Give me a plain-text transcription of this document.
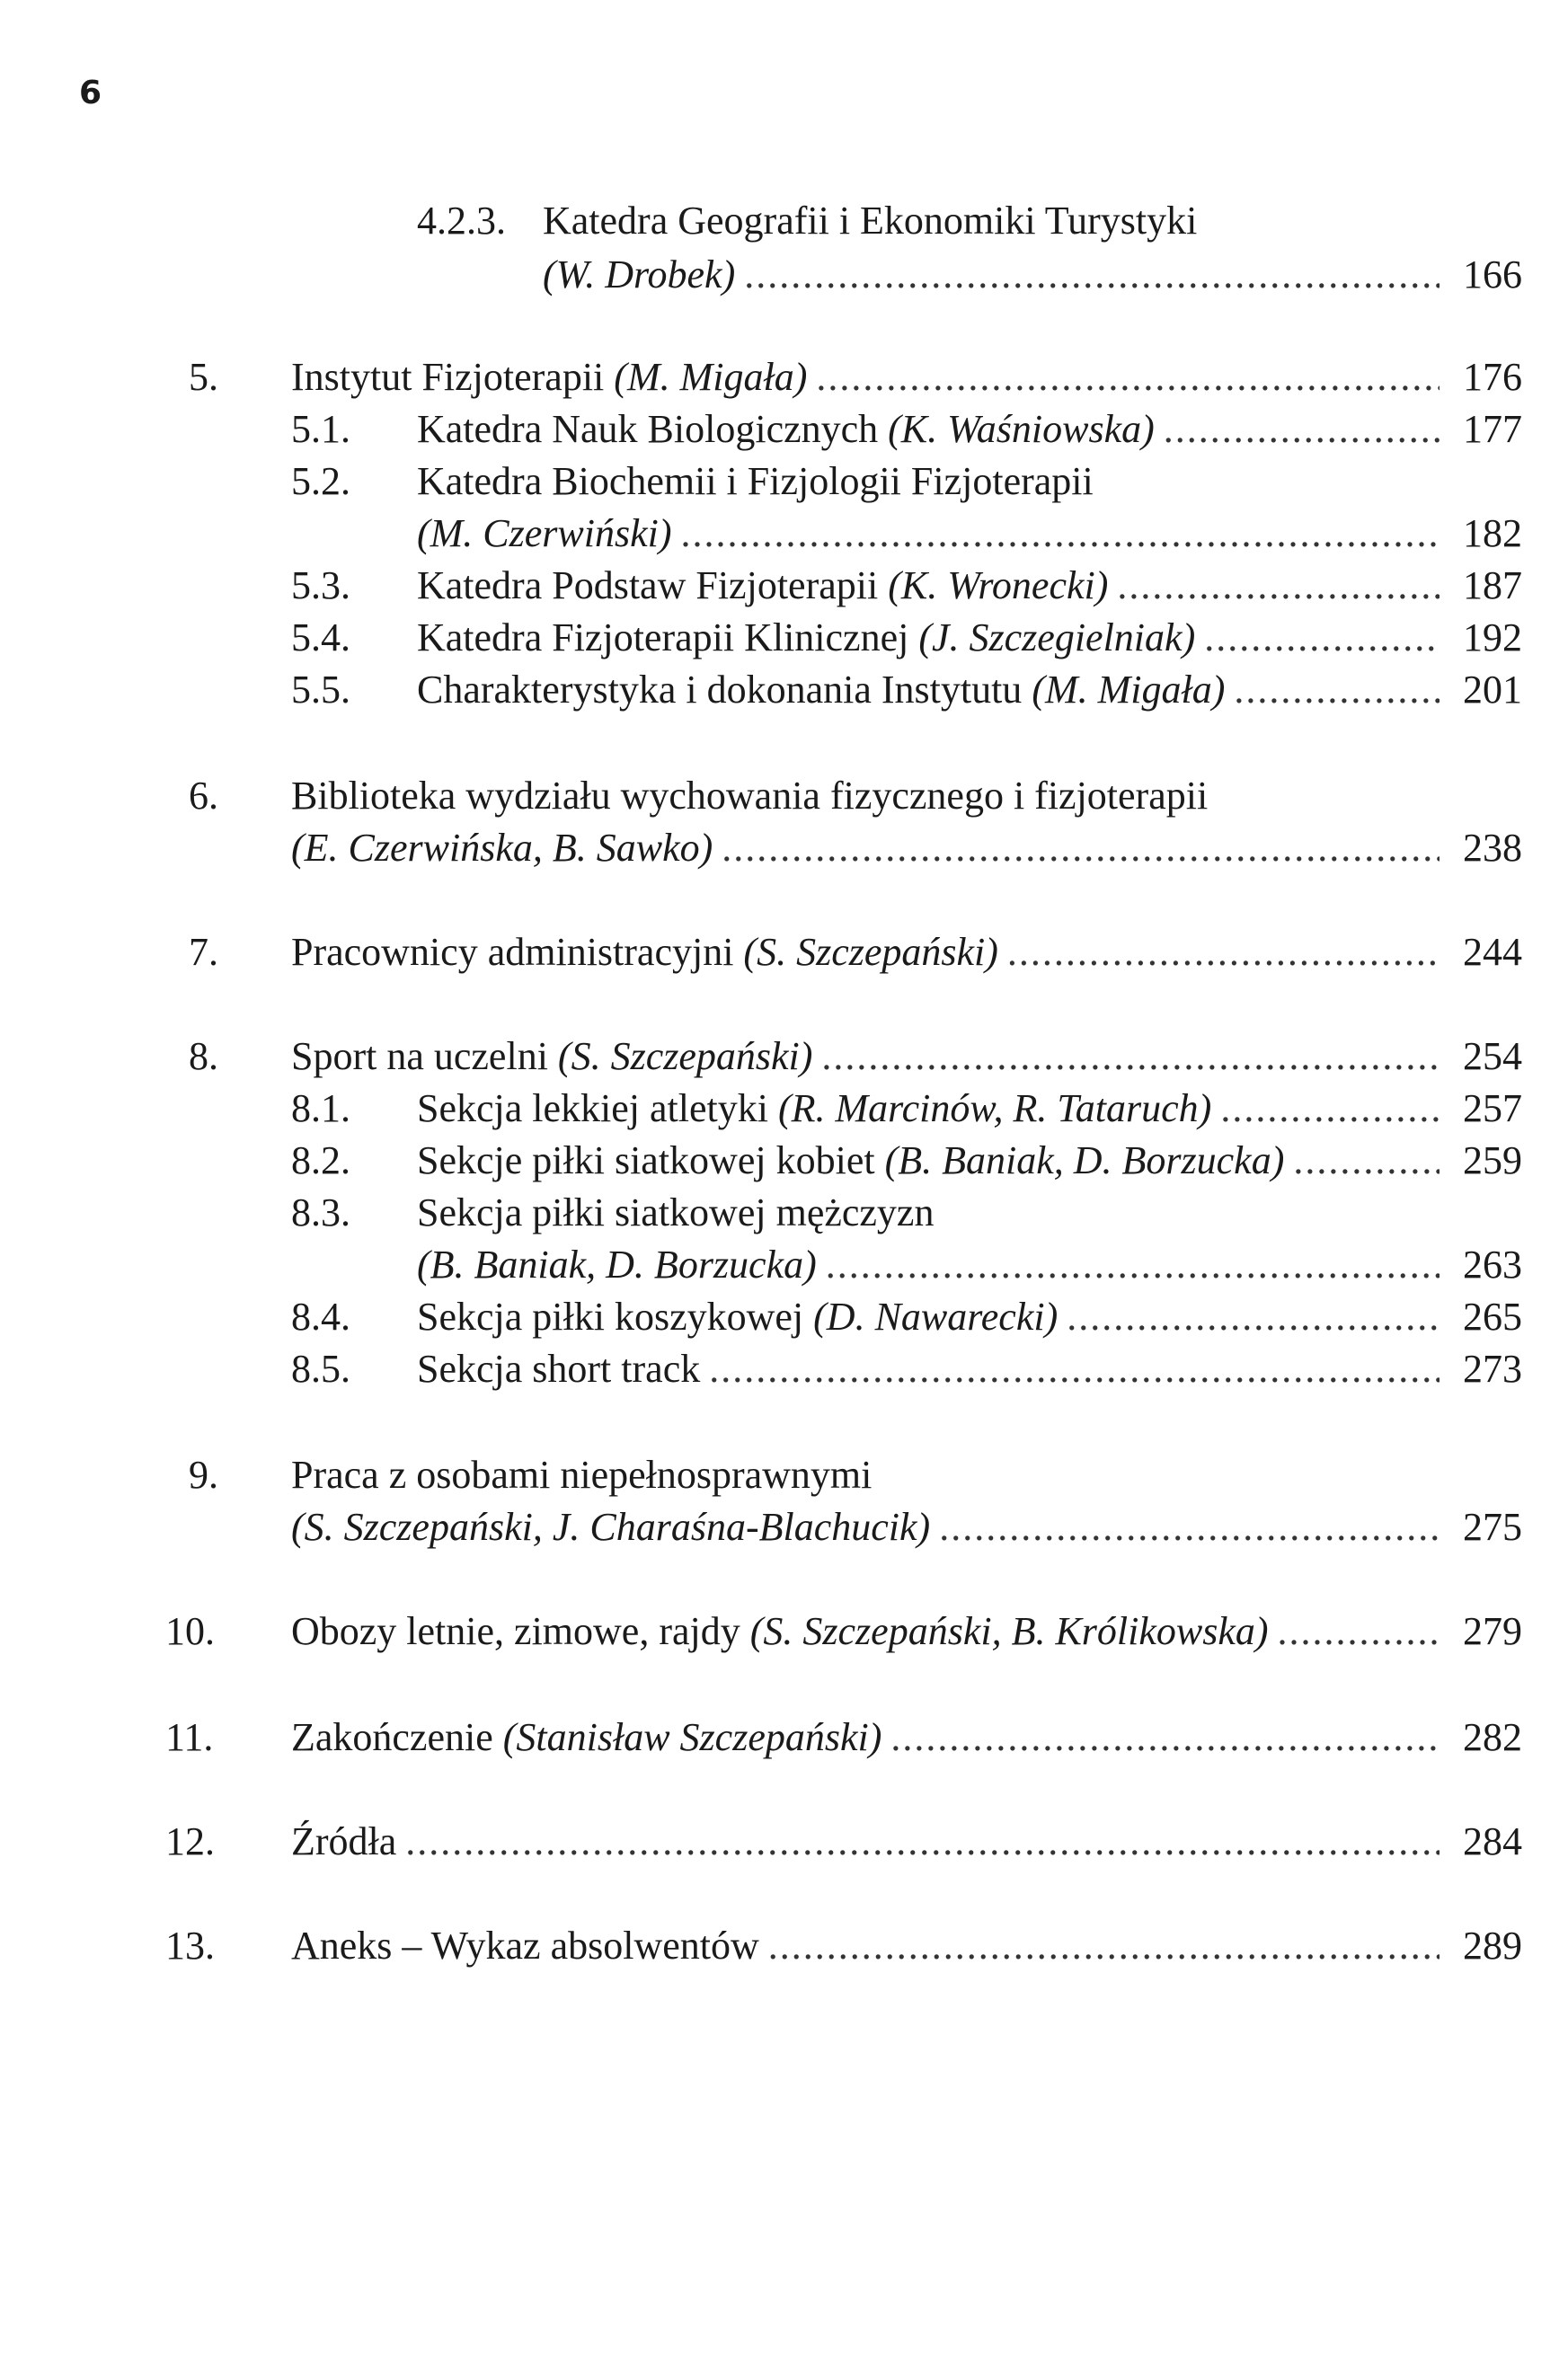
6
4.2.3. Katedra Geografii i Ekonomiki Turystyki
(W. Drobek) .....	166
5. Instytut Fizjoterapii (M. Migała) .....	176
5.1. Katedra Nauk Biologicznych (K. Waśniowska) .....	177
5.2. Katedra Biochemii i Fizjologii Fizjoterapii
(M. Czerwiński) .....	182
5.3. Katedra Podstaw Fizjoterapii (K. Wronecki) .....	187
5.4. Katedra Fizjoterapii Klinicznej (J. Szczegielniak) .....	192
5.5. Charakterystyka i dokonania Instytutu (M. Migała) .....	201
6. Biblioteka wydziału wychowania fizycznego i fizjoterapii
(E. Czerwińska, B. Sawko) .....	238
7. Pracownicy administracyjni (S. Szczepański) .....	244
8. Sport na uczelni (S. Szczepański) .....	254
8.1. Sekcja lekkiej atletyki (R. Marcinów, R. Tataruch) .....	257
8.2. Sekcje piłki siatkowej kobiet (B. Baniak, D. Borzucka) .....	259
8.3. Sekcja piłki siatkowej mężczyzn
(B. Baniak, D. Borzucka) .....	263
8.4. Sekcja piłki koszykowej (D. Nawarecki) .....	265
8.5. Sekcja short track .....	273
9. Praca z osobami niepełnosprawnymi
(S. Szczepański, J. Charaśna-Blachucik) .....	275
10. Obozy letnie, zimowe, rajdy (S. Szczepański, B. Królikowska) .....	279
11. Zakończenie (Stanisław Szczepański) .....	282
12. Źródła .....	284
13. Aneks – Wykaz absolwentów .....	289
